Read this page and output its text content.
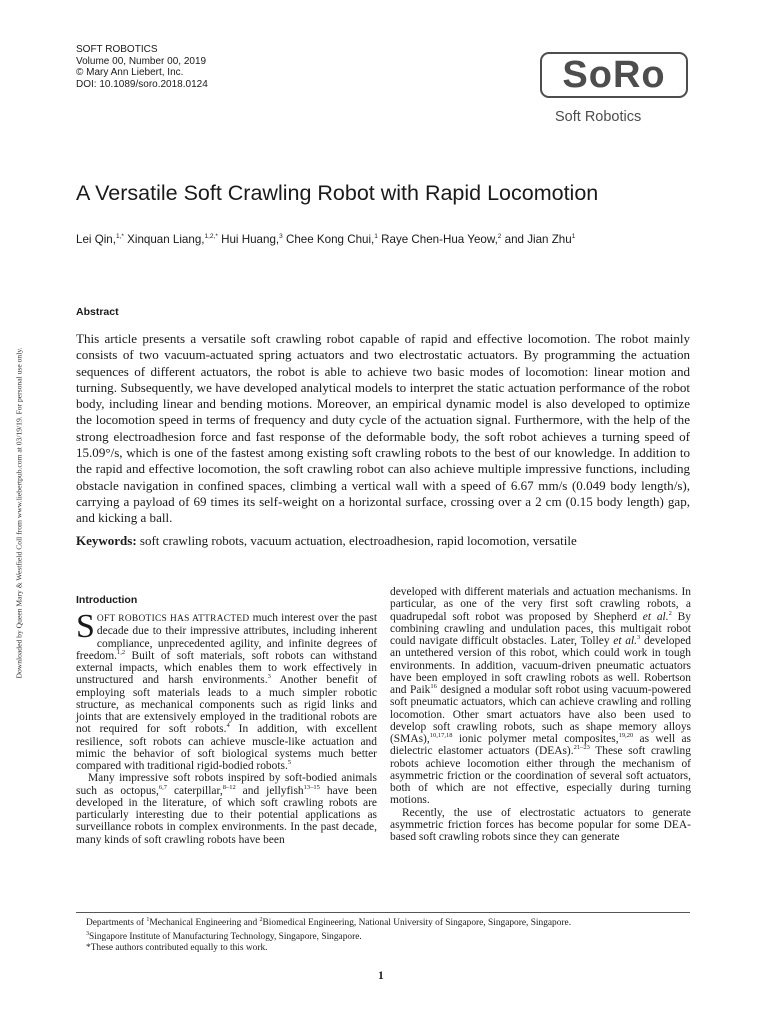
SOFT ROBOTICS
Volume 00, Number 00, 2019
© Mary Ann Liebert, Inc.
DOI: 10.1089/soro.2018.0124	SoRo
Soft Robotics
A Versatile Soft Crawling Robot with Rapid Locomotion
Lei Qin,$^{1,*}$ Xinquan Liang,$^{1,2,*}$ Hui Huang,$^3$ Chee Kong Chui,$^1$ Raye Chen-Hua Yeow,$^2$ and Jian Zhu$^1$
Downloaded by Queen Mary & Westfield Coll from www.liebertpub.com at 03/19/19. For personal use only.
Abstract

This article presents a versatile soft crawling robot capable of rapid and effective locomotion. The robot mainly consists of two vacuum-actuated spring actuators and two electrostatic actuators. By programming the actuation sequences of different actuators, the robot is able to achieve two basic modes of locomotion: linear motion and turning. Subsequently, we have developed analytical models to interpret the static actuation performance of the robot body, including linear and bending motions. Moreover, an empirical dynamic model is also developed to optimize the locomotion speed in terms of frequency and duty cycle of the actuation signal. Furthermore, with the help of the strong electroadhesion force and fast response of the deformable body, the soft robot achieves a turning speed of 15.09°/s, which is one of the fastest among existing soft crawling robots to the best of our knowledge. In addition to the rapid and effective locomotion, the soft crawling robot can also achieve multiple impressive functions, including obstacle navigation in confined spaces, climbing a vertical wall with a speed of 6.67 mm/s (0.049 body length/s), carrying a payload of 69 times its self-weight on a horizontal surface, crossing over a 2 cm (0.15 body length) gap, and kicking a ball.

Keywords: soft crawling robots, vacuum actuation, electroadhesion, rapid locomotion, versatile
Introduction

SOFT ROBOTICS HAS ATTRACTED much interest over the past decade due to their impressive attributes, including inherent compliance, unprecedented agility, and infinite degrees of freedom.$^{1,2}$ Built of soft materials, soft robots can withstand external impacts, which enables them to work effectively in unstructured and harsh environments.$^3$ Another benefit of employing soft materials leads to a much simpler robotic structure, as mechanical components such as rigid links and joints that are extensively employed in the traditional robots are not required for soft robots.$^4$ In addition, with excellent resilience, soft robots can achieve muscle-like actuation and mimic the behavior of soft biological systems much better compared with traditional rigid-bodied robots.$^5$

Many impressive soft robots inspired by soft-bodied animals such as octopus,$^{6,7}$ caterpillar,$^{8-12}$ and jellyfish$^{13-15}$ have been developed in the literature, of which soft crawling robots are particularly interesting due to their potential applications as surveillance robots in complex environments. In the past decade, many kinds of soft crawling robots have been

developed with different materials and actuation mechanisms. In particular, as one of the very first soft crawling robots, a quadrupedal soft robot was proposed by Shepherd et al.$^2$ By combining crawling and undulation paces, this multigait robot could navigate difficult obstacles. Later, Tolley et al.$^3$ developed an untethered version of this robot, which could work in tough environments. In addition, vacuum-driven pneumatic actuators have been employed in soft crawling robots as well. Robertson and Paik$^{16}$ designed a modular soft robot using vacuum-powered soft pneumatic actuators, which can achieve crawling and rolling locomotion. Other smart actuators have also been used to develop soft crawling robots, such as shape memory alloys (SMAs),$^{10,17,18}$ ionic polymer metal composites,$^{19,20}$ as well as dielectric elastomer actuators (DEAs).$^{21-23}$ These soft crawling robots achieve locomotion either through the mechanism of asymmetric friction or the coordination of several soft actuators, both of which are not effective, especially during turning motions.

Recently, the use of electrostatic actuators to generate asymmetric friction forces has become popular for some DEA-based soft crawling robots since they can generate

Departments of $^1$Mechanical Engineering and $^2$Biomedical Engineering, National University of Singapore, Singapore, Singapore.
$^3$Singapore Institute of Manufacturing Technology, Singapore, Singapore.
*These authors contributed equally to this work.
1
